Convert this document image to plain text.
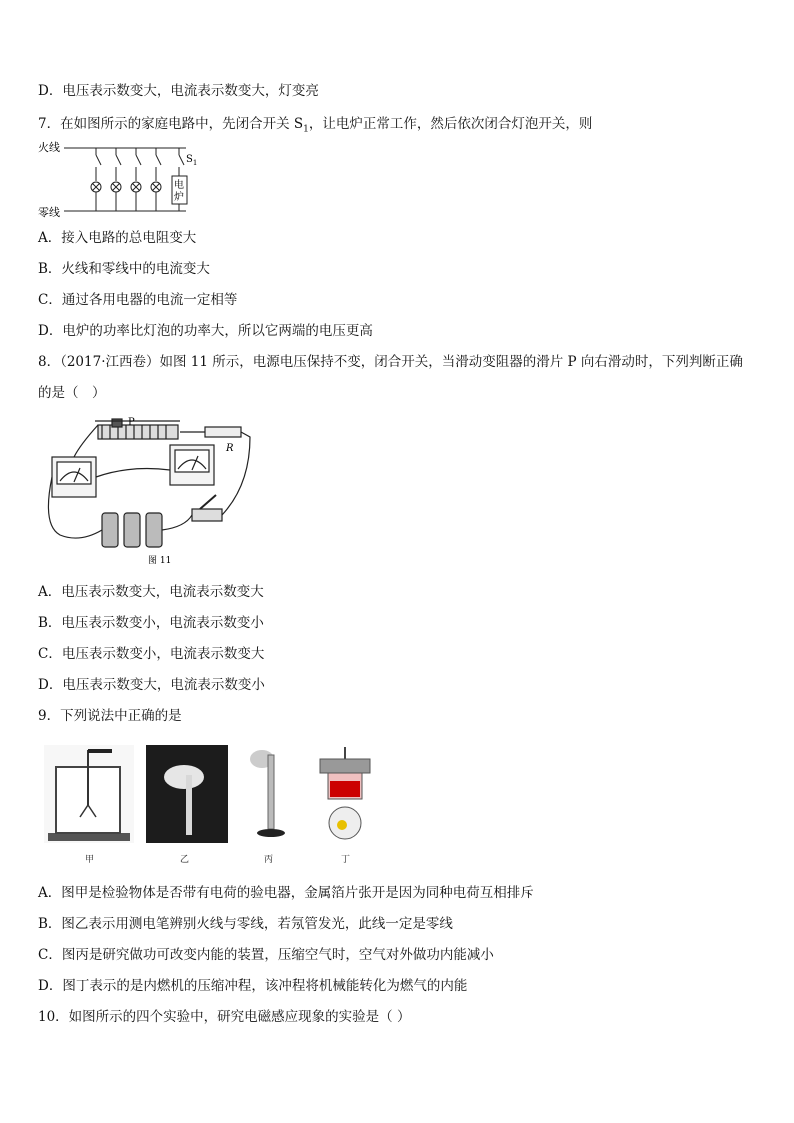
D．电压表示数变大，电流表示数变大，灯变亮
7．在如图所示的家庭电路中，先闭合开关 $S_1$，让电炉正常工作，然后依次闭合灯泡开关，则
火线
零线
$S_1$
电
炉
A．接入电路的总电阻变大
B．火线和零线中的电流变大
C．通过各用电器的电流一定相等
D．电炉的功率比灯泡的功率大，所以它两端的电压更高
8．（2017·江西卷）如图 11 所示，电源电压保持不变，闭合开关，当滑动变阻器的滑片 P 向右滑动时，下列判断正确
的是（　）
P
R
图 11
A．电压表示数变大，电流表示数变大
B．电压表示数变小，电流表示数变小
C．电压表示数变小，电流表示数变大
D．电压表示数变大，电流表示数变小
9．下列说法中正确的是
甲	乙	丙	丁
A．图甲是检验物体是否带有电荷的验电器，金属箔片张开是因为同种电荷互相排斥
B．图乙表示用测电笔辨别火线与零线，若氖管发光，此线一定是零线
C．图丙是研究做功可改变内能的装置，压缩空气时，空气对外做功内能减小
D．图丁表示的是内燃机的压缩冲程，该冲程将机械能转化为燃气的内能
10．如图所示的四个实验中，研究电磁感应现象的实验是（ ）
